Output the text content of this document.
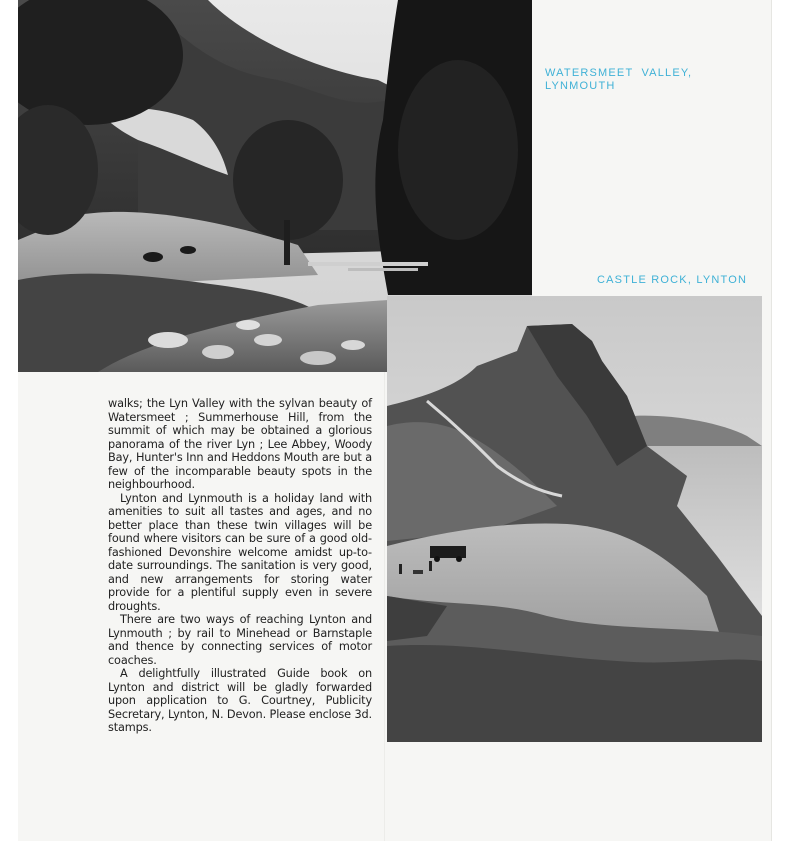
WATERSMEET VALLEY,
LYNMOUTH
CASTLE ROCK, LYNTON

walks; the Lyn Valley with the sylvan beauty of Watersmeet ; Summerhouse Hill, from the summit of which may be obtained a glorious panorama of the river Lyn ; Lee Abbey, Woody Bay, Hunter's Inn and Heddons Mouth are but a few of the incomparable beauty spots in the neighbourhood.

Lynton and Lynmouth is a holiday land with amenities to suit all tastes and ages, and no better place than these twin villages will be found where visitors can be sure of a good old-fashioned Devonshire welcome amidst up-to-date surroundings. The sanitation is very good, and new arrangements for storing water provide for a plentiful supply even in severe droughts.

There are two ways of reaching Lynton and Lynmouth ; by rail to Minehead or Barnstaple and thence by connecting services of motor coaches.

A delightfully illustrated Guide book on Lynton and district will be gladly forwarded upon application to G. Courtney, Publicity Secretary, Lynton, N. Devon. Please enclose 3d. stamps.
